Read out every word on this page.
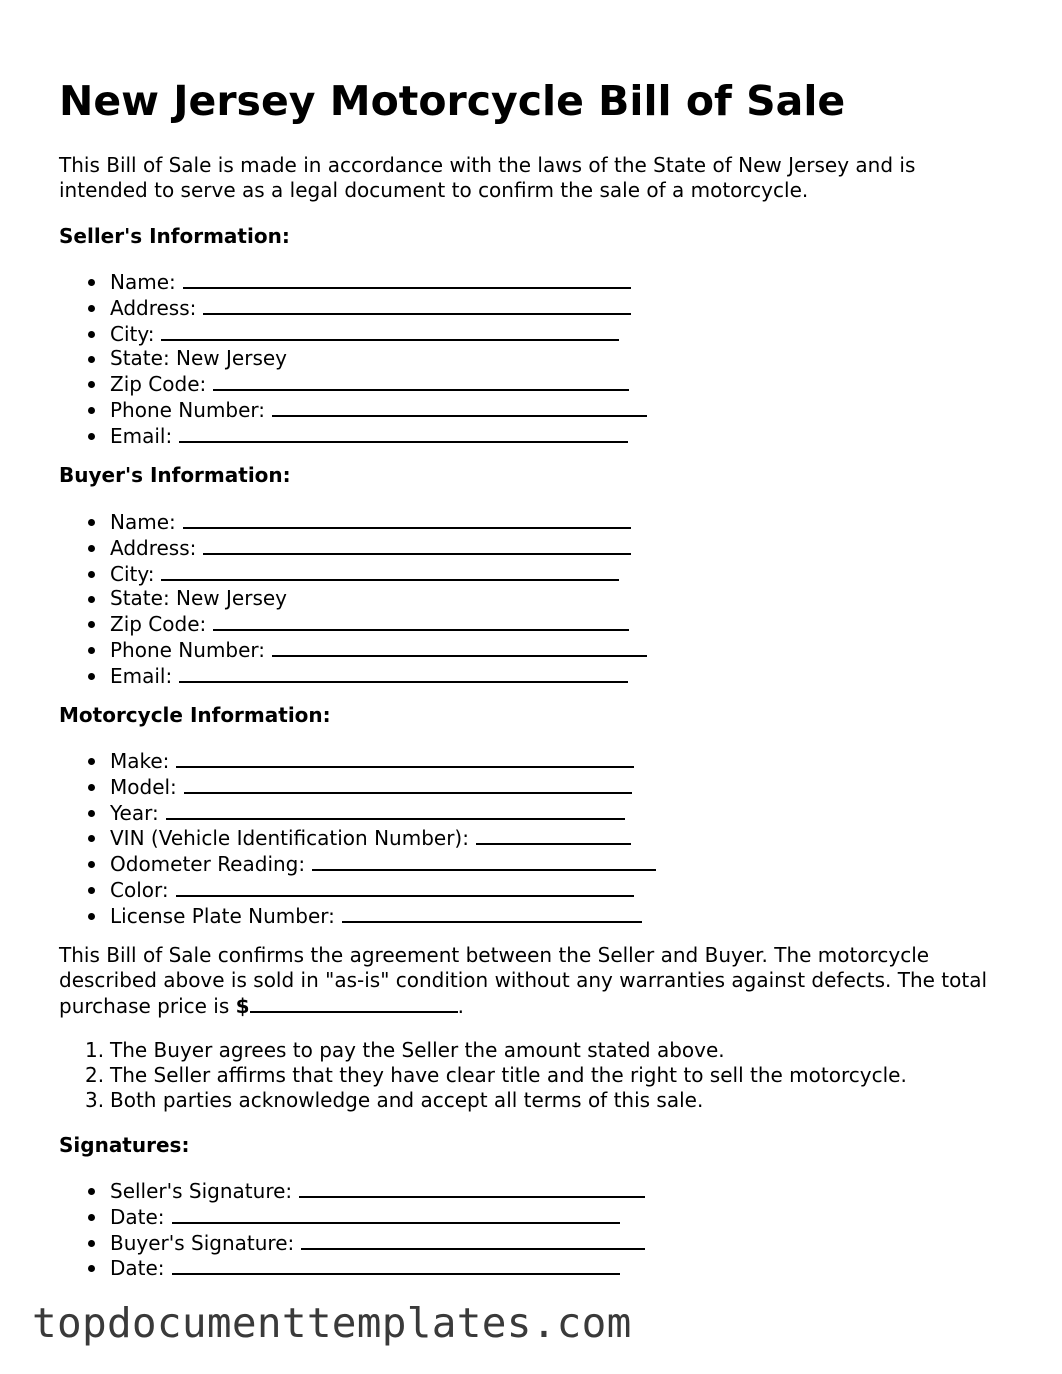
New Jersey Motorcycle Bill of Sale

This Bill of Sale is made in accordance with the laws of the State of New Jersey and is intended to serve as a legal document to confirm the sale of a motorcycle.

Seller's Information:
Name:
Address:
City:
State: New Jersey
Zip Code:
Phone Number:
Email:
Buyer's Information:
Name:
Address:
City:
State: New Jersey
Zip Code:
Phone Number:
Email:
Motorcycle Information:
Make:
Model:
Year:
VIN (Vehicle Identification Number):
Odometer Reading:
Color:
License Plate Number:

This Bill of Sale confirms the agreement between the Seller and Buyer. The motorcycle described above is sold in "as-is" condition without any warranties against defects. The total purchase price is $	.

1. The Buyer agrees to pay the Seller the amount stated above.
2. The Seller affirms that they have clear title and the right to sell the motorcycle.
3. Both parties acknowledge and accept all terms of this sale.
Signatures:
Seller's Signature:
Date:
Buyer's Signature:
Date:
topdocumenttemplates.com
